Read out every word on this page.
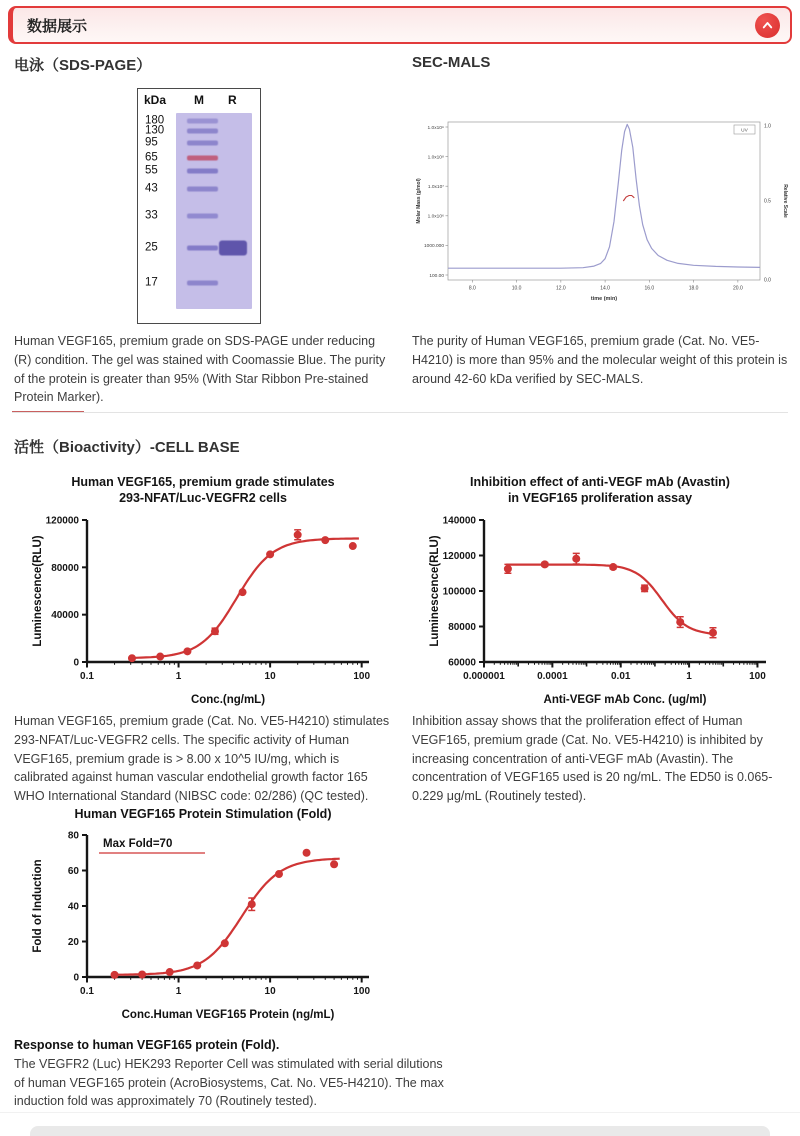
数据展示
电泳（SDS-PAGE）	SEC-MALS
kDa M R
180
130
95
65
55
43
33
25
17
8.0	10.0	12.0	14.0	16.0	18.0	20.0
1.0x10⁹
1.0x10⁸
1.0x10⁷
1.0x10⁶
1000.000
100.00
1.0
0.5
0.0
time (min)
Molar Mass (g/mol)	Relative Scale
UV

Human VEGF165, premium grade on SDS-PAGE under reducing (R) condition. The gel was stained with Coomassie Blue. The purity of the protein is greater than 95% (With Star Ribbon Pre-stained Protein Marker).

The purity of Human VEGF165, premium grade (Cat. No. VE5-H4210) is more than 95% and the molecular weight of this protein is around 42-60 kDa verified by SEC-MALS.

活性（Bioactivity）-CELL BASE
Human VEGF165, premium grade stimulates
293-NFAT/Luc-VEGFR2 cells
0
40000
80000
120000
0.1	1	10	100
Luminescence(RLU)
Conc.(ng/mL)
Inhibition effect of anti-VEGF mAb (Avastin)
in VEGF165 proliferation assay
60000
80000
100000
120000
140000
0.000001	0.0001	0.01	1	100
Luminescence(RLU)
Anti-VEGF mAb Conc. (ug/ml)

Human VEGF165, premium grade (Cat. No. VE5-H4210) stimulates 293-NFAT/Luc-VEGFR2 cells. The specific activity of Human VEGF165, premium grade is > 8.00 x 10^5 IU/mg, which is calibrated against human vascular endothelial growth factor 165 WHO International Standard (NIBSC code: 02/286) (QC tested).

Inhibition assay shows that the proliferation effect of Human VEGF165, premium grade (Cat. No. VE5-H4210) is inhibited by increasing concentration of anti-VEGF mAb (Avastin). The concentration of VEGF165 used is 20 ng/mL. The ED50 is 0.065-0.229 μg/mL (Routinely tested).

Human VEGF165 Protein Stimulation (Fold)
0
20
40
60
80
0.1	1	10	100
Fold of Induction
Conc.Human VEGF165 Protein (ng/mL)
Max Fold=70
Response to human VEGF165 protein (Fold).
The VEGFR2 (Luc) HEK293 Reporter Cell was stimulated with serial dilutions of human VEGF165 protein (AcroBiosystems, Cat. No. VE5-H4210). The max induction fold was approximately 70 (Routinely tested).
